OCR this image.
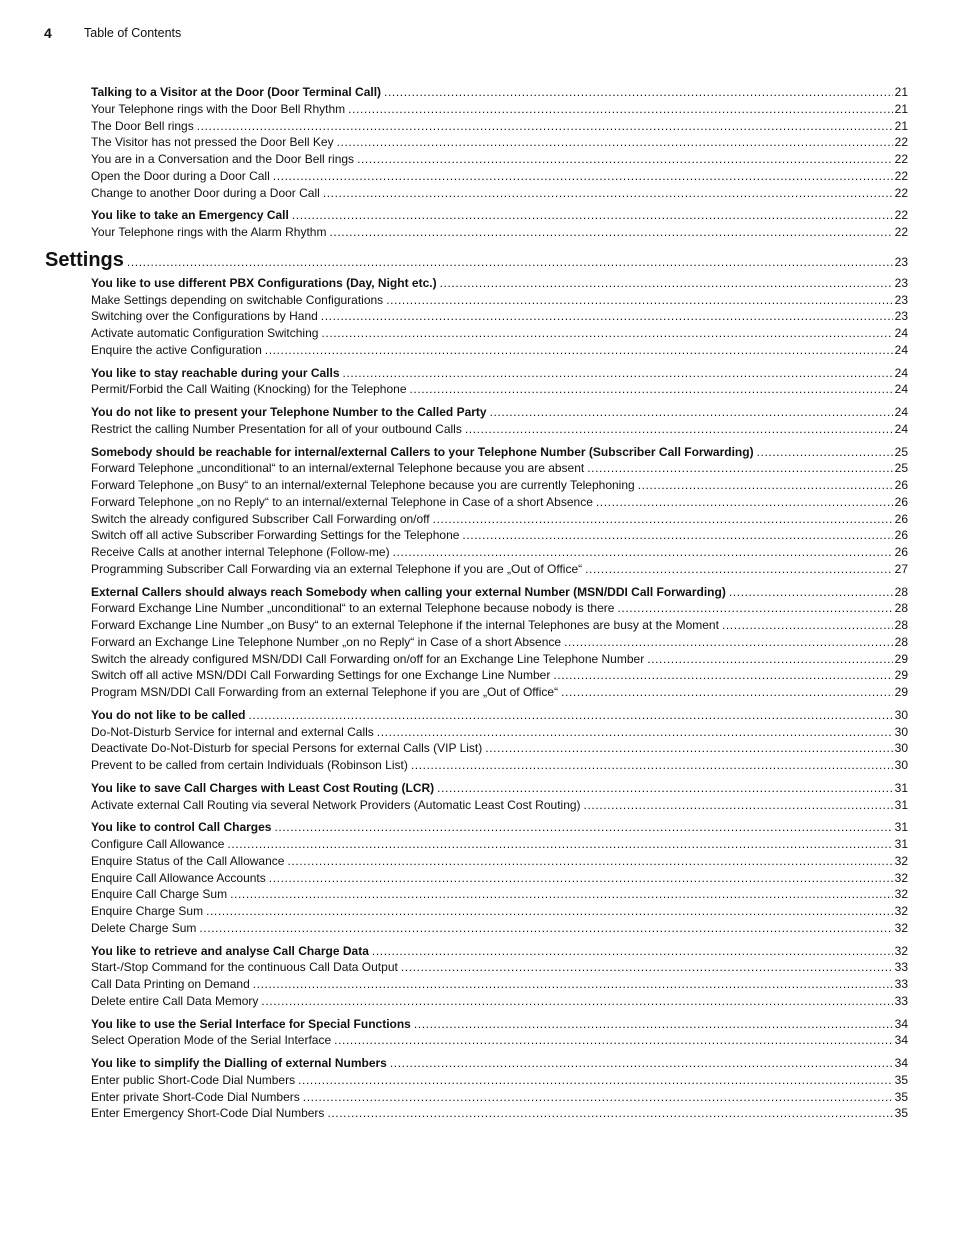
4	Table of Contents
Talking to a Visitor at the Door (Door Terminal Call) .....	21
Your Telephone rings with the Door Bell Rhythm .....	21
The Door Bell rings .....	21
The Visitor has not pressed the Door Bell Key .....	22
You are in a Conversation and the Door Bell rings .....	22
Open the Door during a Door Call .....	22
Change to another Door during a Door Call .....	22
You like to take an Emergency Call .....	22
Your Telephone rings with the Alarm Rhythm .....	22
Settings .....	23
You like to use different PBX Configurations (Day, Night etc.) .....	23
Make Settings depending on switchable Configurations .....	23
Switching over the Configurations by Hand .....	23
Activate automatic Configuration Switching .....	24
Enquire the active Configuration .....	24
You like to stay reachable during your Calls .....	24
Permit/Forbid the Call Waiting (Knocking) for the Telephone .....	24
You do not like to present your Telephone Number to the Called Party .....	24
Restrict the calling Number Presentation for all of your outbound Calls .....	24
Somebody should be reachable for internal/external Callers to your Telephone Number (Subscriber Call Forwarding) .....	25
Forward Telephone „unconditional“ to an internal/external Telephone because you are absent .....	25
Forward Telephone „on Busy“ to an internal/external Telephone because you are currently Telephoning .....	26
Forward Telephone „on no Reply“ to an internal/external Telephone in Case of a short Absence .....	26
Switch the already configured Subscriber Call Forwarding on/off .....	26
Switch off all active Subscriber Forwarding Settings for the Telephone .....	26
Receive Calls at another internal Telephone (Follow-me) .....	26
Programming Subscriber Call Forwarding via an external Telephone if you are „Out of Office“ .....	27
External Callers should always reach Somebody when calling your external Number (MSN/DDI Call Forwarding) .....	28
Forward Exchange Line Number „unconditional“ to an external Telephone because nobody is there .....	28
Forward Exchange Line Number „on Busy“ to an external Telephone if the internal Telephones are busy at the Moment .....	28
Forward an Exchange Line Telephone Number „on no Reply“ in Case of a short Absence .....	28
Switch the already configured MSN/DDI Call Forwarding on/off for an Exchange Line Telephone Number .....	29
Switch off all active MSN/DDI Call Forwarding Settings for one Exchange Line Number .....	29
Program MSN/DDI Call Forwarding from an external Telephone if you are „Out of Office“ .....	29
You do not like to be called .....	30
Do-Not-Disturb Service for internal and external Calls .....	30
Deactivate Do-Not-Disturb for special Persons for external Calls (VIP List) .....	30
Prevent to be called from certain Individuals (Robinson List) .....	30
You like to save Call Charges with Least Cost Routing (LCR) .....	31
Activate external Call Routing via several Network Providers (Automatic Least Cost Routing) .....	31
You like to control Call Charges .....	31
Configure Call Allowance .....	31
Enquire Status of the Call Allowance .....	32
Enquire Call Allowance Accounts .....	32
Enquire Call Charge Sum .....	32
Enquire Charge Sum .....	32
Delete Charge Sum .....	32
You like to retrieve and analyse Call Charge Data .....	32
Start-/Stop Command for the continuous Call Data Output .....	33
Call Data Printing on Demand .....	33
Delete entire Call Data Memory .....	33
You like to use the Serial Interface for Special Functions .....	34
Select Operation Mode of the Serial Interface .....	34
You like to simplify the Dialling of external Numbers .....	34
Enter public Short-Code Dial Numbers .....	35
Enter private Short-Code Dial Numbers .....	35
Enter Emergency Short-Code Dial Numbers .....	35
